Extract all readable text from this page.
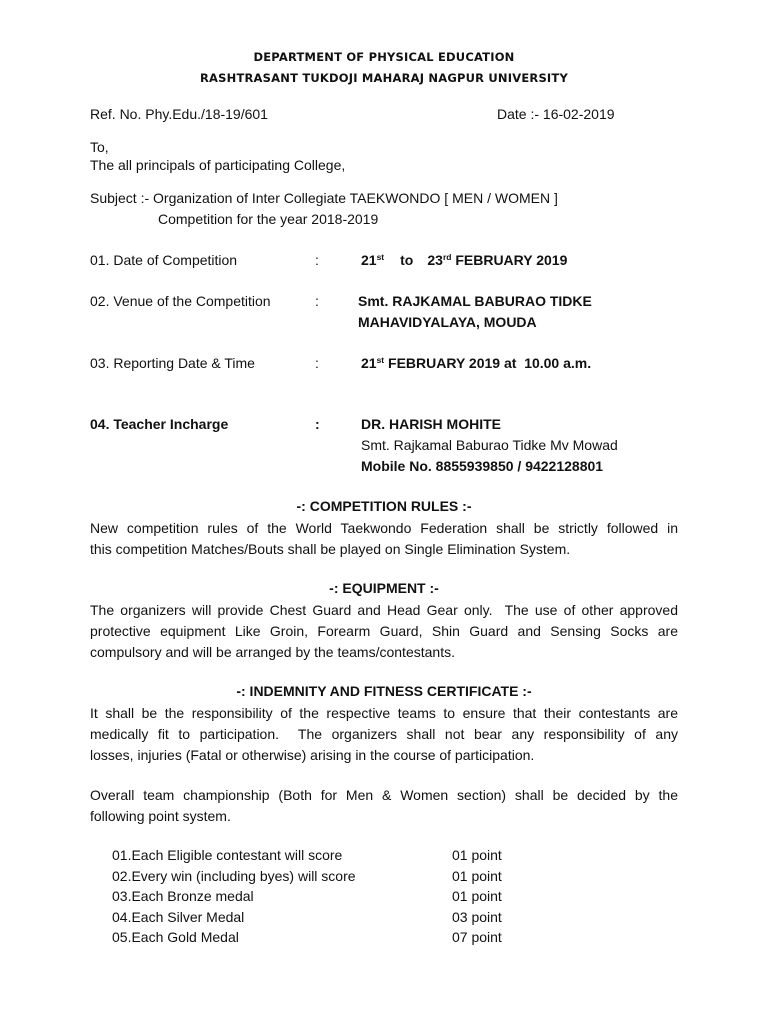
DEPARTMENT OF PHYSICAL EDUCATION
RASHTRASANT TUKDOJI MAHARAJ NAGPUR UNIVERSITY
Ref. No. Phy.Edu./18-19/601	Date :- 16-02-2019
To,
The all principals of participating College,
Subject :- Organization of Inter Collegiate TAEKWONDO [ MEN / WOMEN ]
Competition for the year 2018-2019
01. Date of Competition	:	21st to 23rd FEBRUARY 2019
02. Venue of the Competition	:	Smt. RAJKAMAL BABURAO TIDKE
MAHAVIDYALAYA, MOUDA
03. Reporting Date & Time	:	21st FEBRUARY 2019 at  10.00 a.m.
04. Teacher Incharge	:	DR. HARISH MOHITE
Smt. Rajkamal Baburao Tidke Mv Mowad
Mobile No. 8855939850 / 9422128801
-: COMPETITION RULES :-
New competition rules of the World Taekwondo Federation shall be strictly followed in
this competition Matches/Bouts shall be played on Single Elimination System.
-: EQUIPMENT :-
The organizers will provide Chest Guard and Head Gear only.  The use of other approved
protective equipment Like Groin, Forearm Guard, Shin Guard and Sensing Socks are
compulsory and will be arranged by the teams/contestants.
-: INDEMNITY AND FITNESS CERTIFICATE :-
It shall be the responsibility of the respective teams to ensure that their contestants are
medically fit to participation.  The organizers shall not bear any responsibility of any
losses, injuries (Fatal or otherwise) arising in the course of participation.
Overall team championship (Both for Men & Women section) shall be decided by the
following point system.
01.Each Eligible contestant will score	01 point
02.Every win (including byes) will score	01 point
03.Each Bronze medal	01 point
04.Each Silver Medal	03 point
05.Each Gold Medal	07 point
